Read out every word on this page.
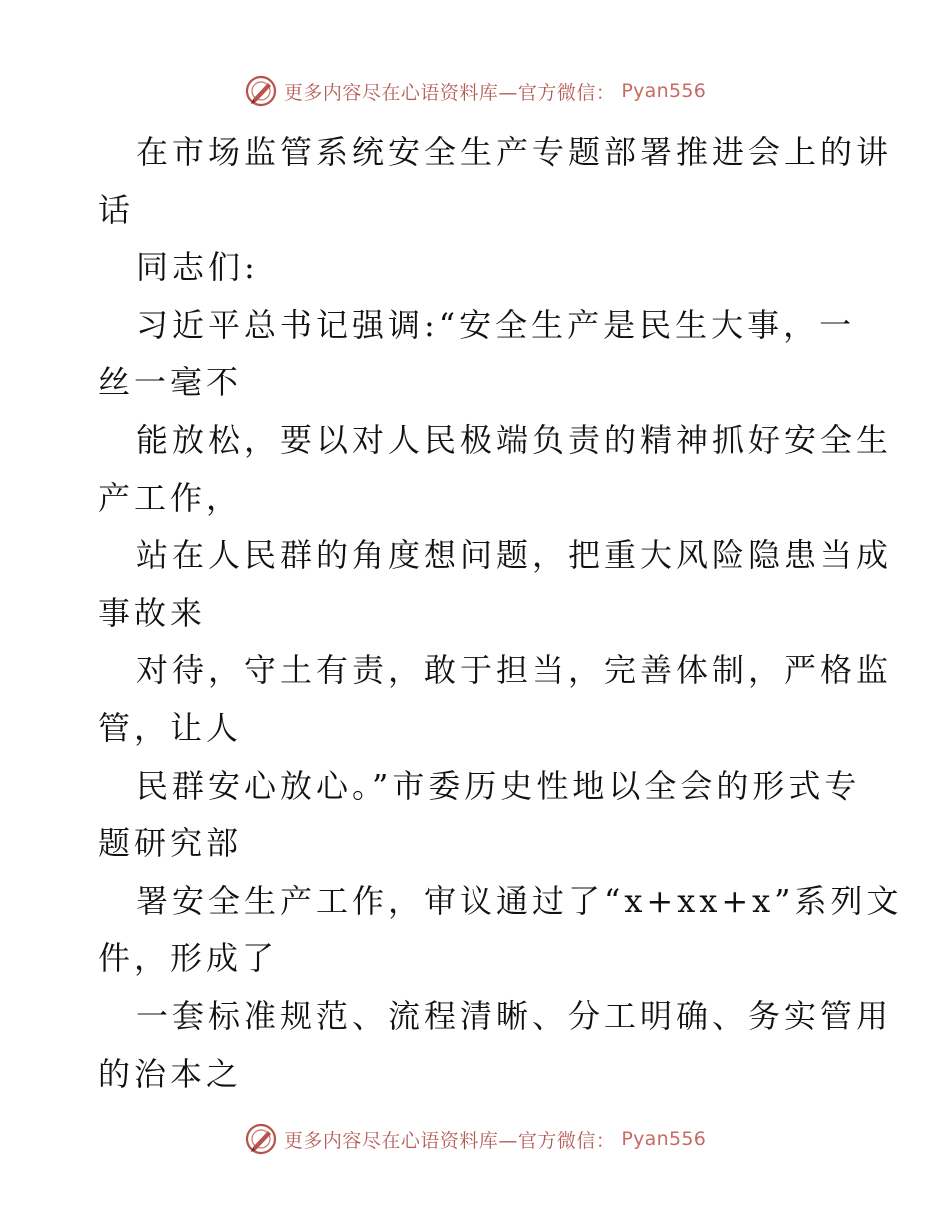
更多内容尽在心语资料库—官方微信： Pyan556
在市场监管系统安全生产专题部署推进会上的讲
话
同志们:
习近平总书记强调:“安全生产是民生大事，一
丝一毫不
能放松，要以对人民极端负责的精神抓好安全生
产工作，
站在人民群的角度想问题，把重大风险隐患当成
事故来
对待，守土有责，敢于担当，完善体制，严格监
管，让人
民群安心放心。”市委历史性地以全会的形式专
题研究部
署安全生产工作，审议通过了“x+xx+x”系列文
件，形成了
一套标准规范、流程清晰、分工明确、务实管用
的治本之
更多内容尽在心语资料库—官方微信： Pyan556
